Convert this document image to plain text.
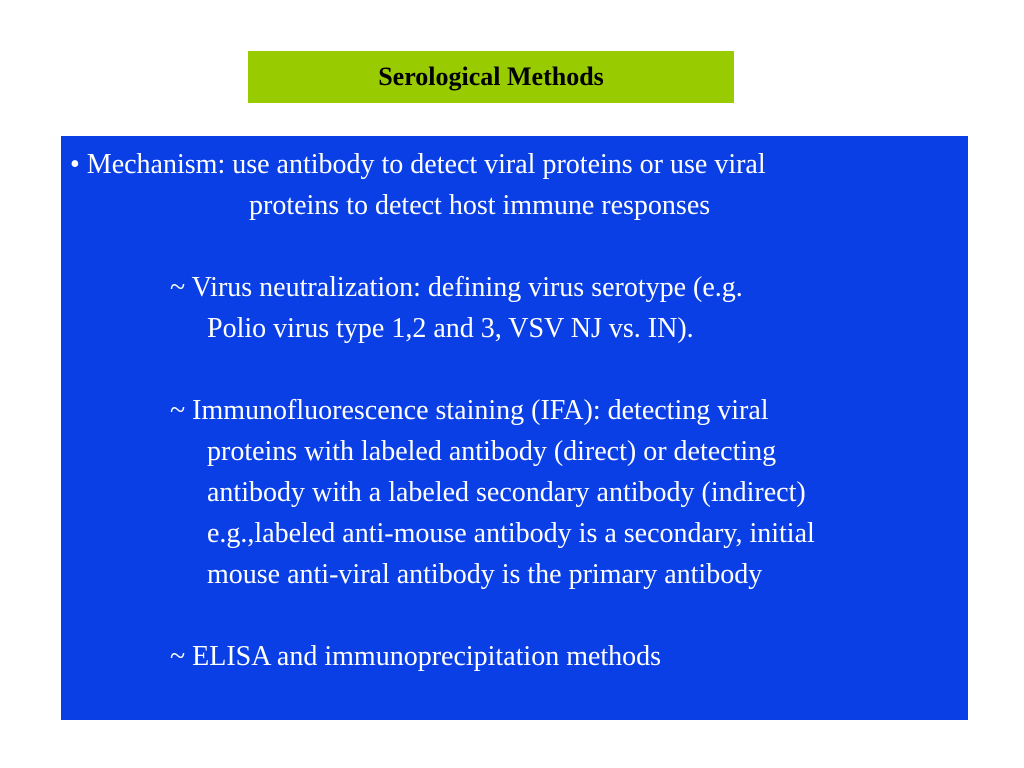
Serological Methods
• Mechanism: use antibody to detect viral proteins or use viral
proteins to detect host immune responses
~ Virus neutralization: defining virus serotype (e.g.
Polio virus type 1,2 and 3, VSV NJ vs. IN).
~ Immunofluorescence staining (IFA): detecting viral
proteins with labeled antibody (direct) or detecting
antibody with a labeled secondary antibody (indirect)
e.g.,labeled anti-mouse antibody is a secondary, initial
mouse anti-viral antibody is the primary antibody
~ ELISA and immunoprecipitation methods
